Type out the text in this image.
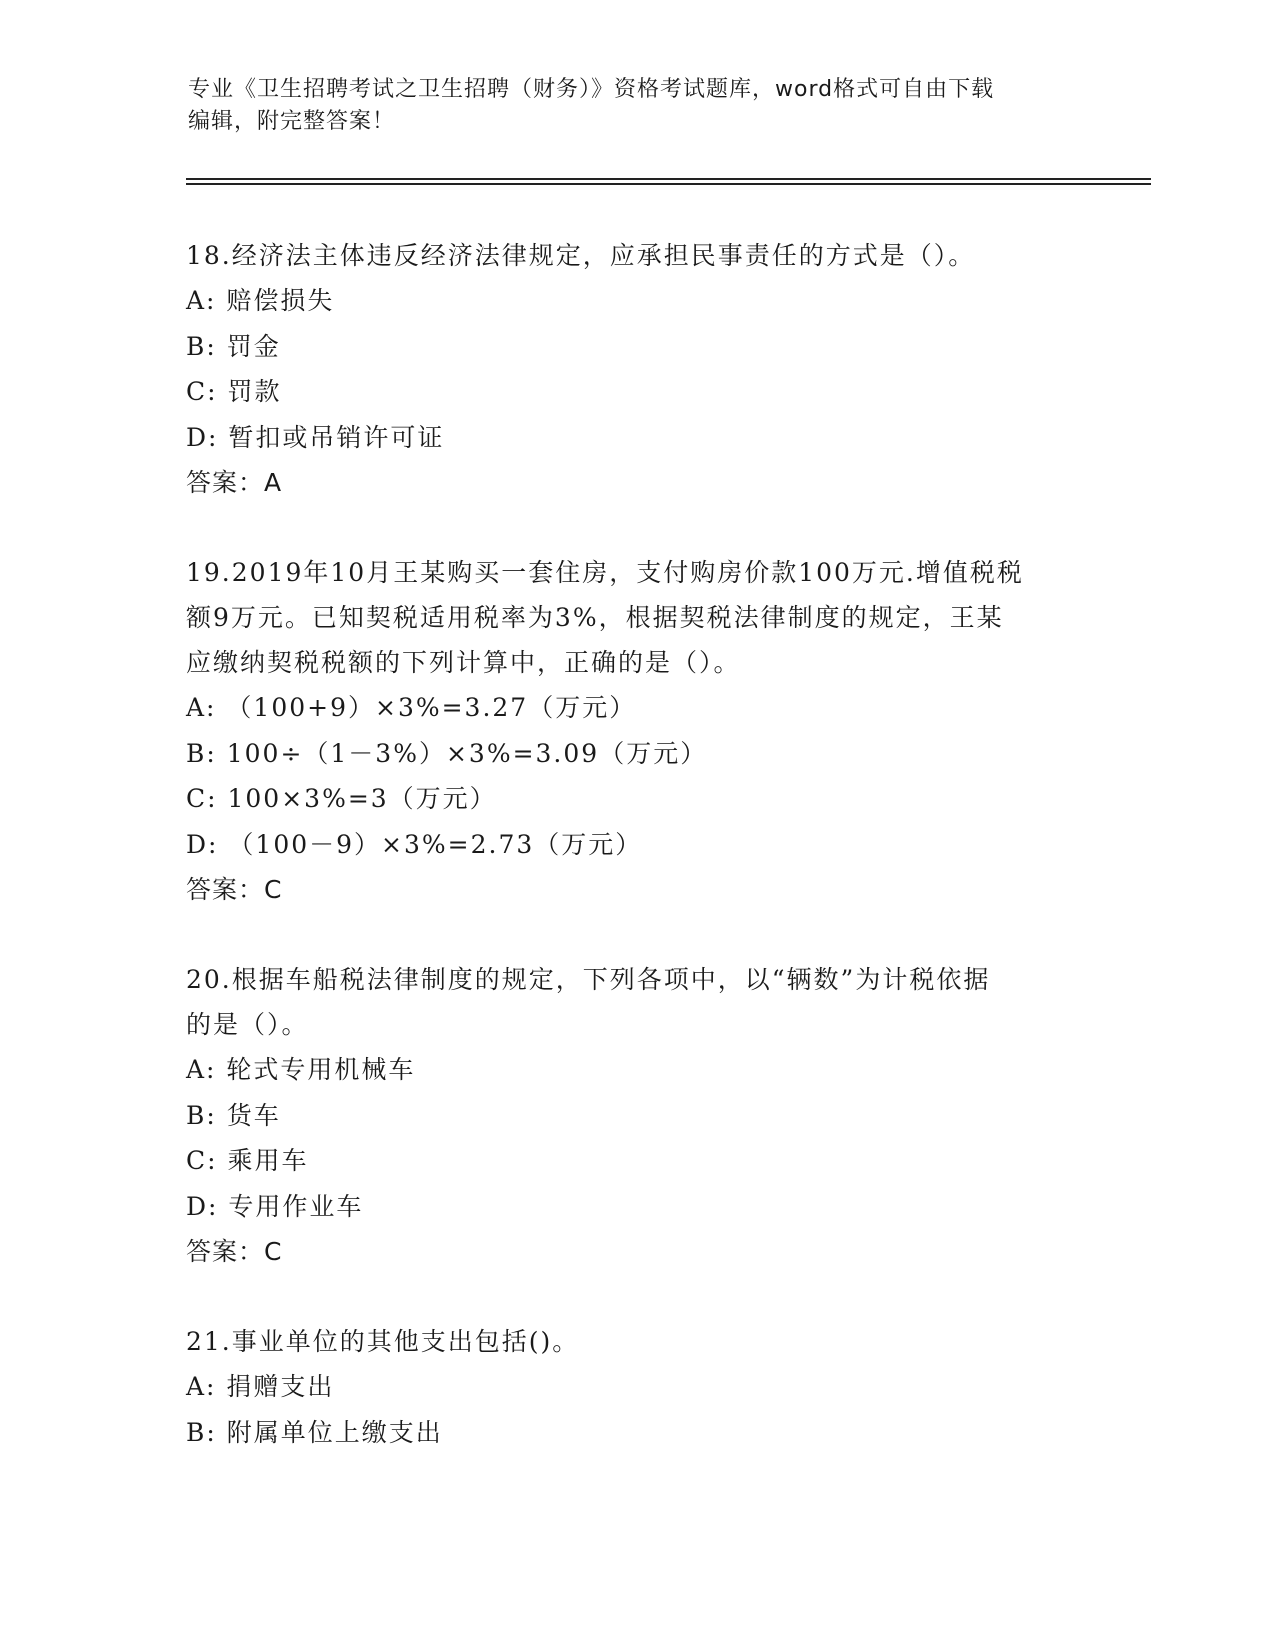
专业《卫生招聘考试之卫生招聘（财务）》资格考试题库，word格式可自由下载
编辑，附完整答案！
18.经济法主体违反经济法律规定，应承担民事责任的方式是（）。
A: 赔偿损失
B: 罚金
C: 罚款
D: 暂扣或吊销许可证
答案：A
19.2019年10月王某购买一套住房，支付购房价款100万元.增值税税
额9万元。已知契税适用税率为3%，根据契税法律制度的规定，王某
应缴纳契税税额的下列计算中，正确的是（）。
A: （100+9）×3%=3.27（万元）
B: 100÷（1－3%）×3%=3.09（万元）
C: 100×3%=3（万元）
D: （100－9）×3%=2.73（万元）
答案：C
20.根据车船税法律制度的规定，下列各项中，以“辆数”为计税依据
的是（）。
A: 轮式专用机械车
B: 货车
C: 乘用车
D: 专用作业车
答案：C
21.事业单位的其他支出包括()。
A: 捐赠支出
B: 附属单位上缴支出
